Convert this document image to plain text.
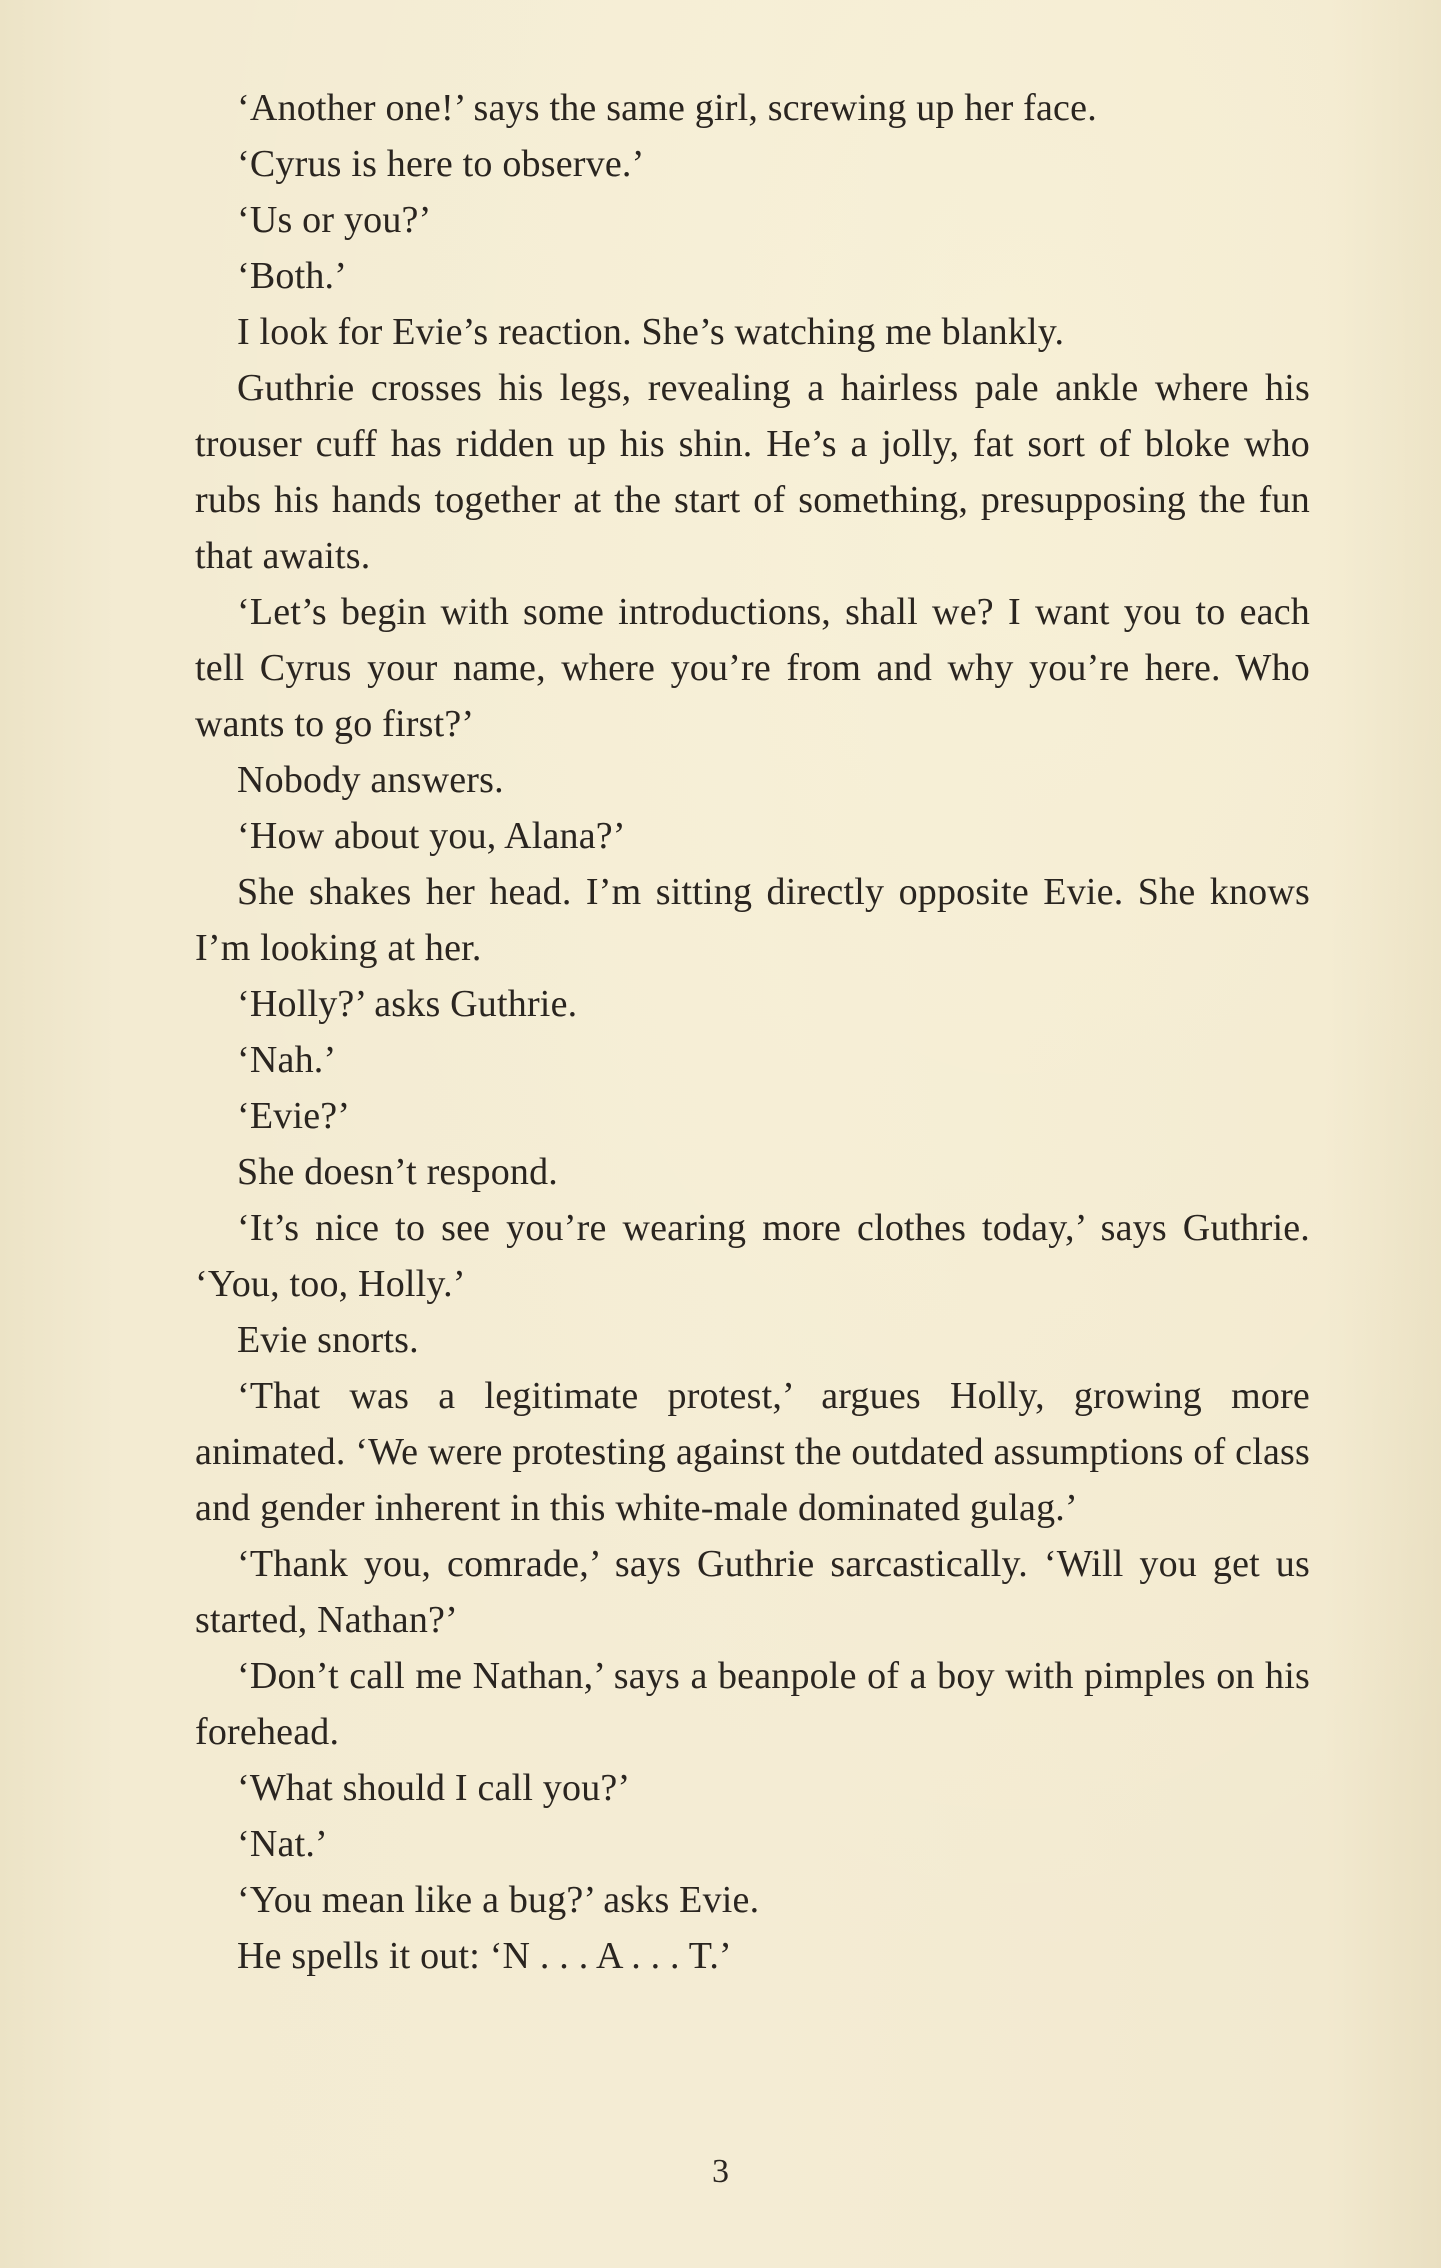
‘Another one!’ says the same girl, screwing up her face.

‘Cyrus is here to observe.’

‘Us or you?’

‘Both.’

I look for Evie’s reaction. She’s watching me blankly.

Guthrie crosses his legs, revealing a hairless pale ankle where his trouser cuff has ridden up his shin. He’s a jolly, fat sort of bloke who rubs his hands together at the start of something, presupposing the fun that awaits.

‘Let’s begin with some introductions, shall we? I want you to each tell Cyrus your name, where you’re from and why you’re here. Who wants to go first?’

Nobody answers.

‘How about you, Alana?’

She shakes her head. I’m sitting directly opposite Evie. She knows I’m looking at her.

‘Holly?’ asks Guthrie.

‘Nah.’

‘Evie?’

She doesn’t respond.

‘It’s nice to see you’re wearing more clothes today,’ says Guthrie. ‘You, too, Holly.’

Evie snorts.

‘That was a legitimate protest,’ argues Holly, growing more animated. ‘We were protesting against the outdated assumptions of class and gender inherent in this white-male dominated gulag.’

‘Thank you, comrade,’ says Guthrie sarcastically. ‘Will you get us started, Nathan?’

‘Don’t call me Nathan,’ says a beanpole of a boy with pimples on his forehead.

‘What should I call you?’

‘Nat.’

‘You mean like a bug?’ asks Evie.

He spells it out: ‘N . . . A . . . T.’

3
